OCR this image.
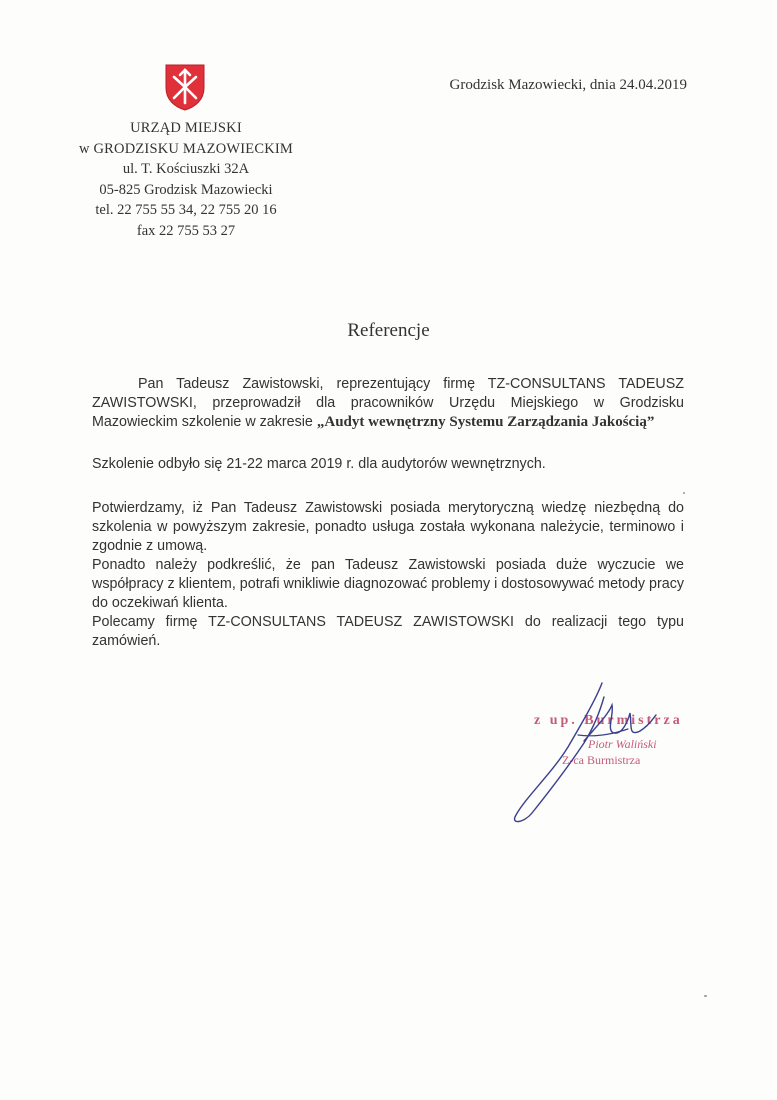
Grodzisk Mazowiecki, dnia 24.04.2019
URZĄD MIEJSKI
w GRODZISKU MAZOWIECKIM
ul. T. Kościuszki 32A
05-825 Grodzisk Mazowiecki
tel. 22 755 55 34, 22 755 20 16
fax 22 755 53 27
Referencje

Pan Tadeusz Zawistowski, reprezentujący firmę TZ-CONSULTANS TADEUSZ ZAWISTOWSKI, przeprowadził dla pracowników Urzędu Miejskiego w Grodzisku Mazowieckim szkolenie w zakresie „Audyt wewnętrzny Systemu Zarządzania Jakością”

Szkolenie odbyło się 21-22 marca 2019 r. dla audytorów wewnętrznych.

Potwierdzamy, iż Pan Tadeusz Zawistowski posiada merytoryczną wiedzę niezbędną do szkolenia w powyższym zakresie, ponadto usługa została wykonana należycie, terminowo i zgodnie z umową.

Ponadto należy podkreślić, że pan Tadeusz Zawistowski posiada duże wyczucie we współpracy z klientem, potrafi wnikliwie diagnozować problemy i dostosowywać metody pracy do oczekiwań klienta.

Polecamy firmę TZ-CONSULTANS TADEUSZ ZAWISTOWSKI do realizacji tego typu zamówień.

z up. Burmistrza
Piotr Waliński
Z-ca Burmistrza
